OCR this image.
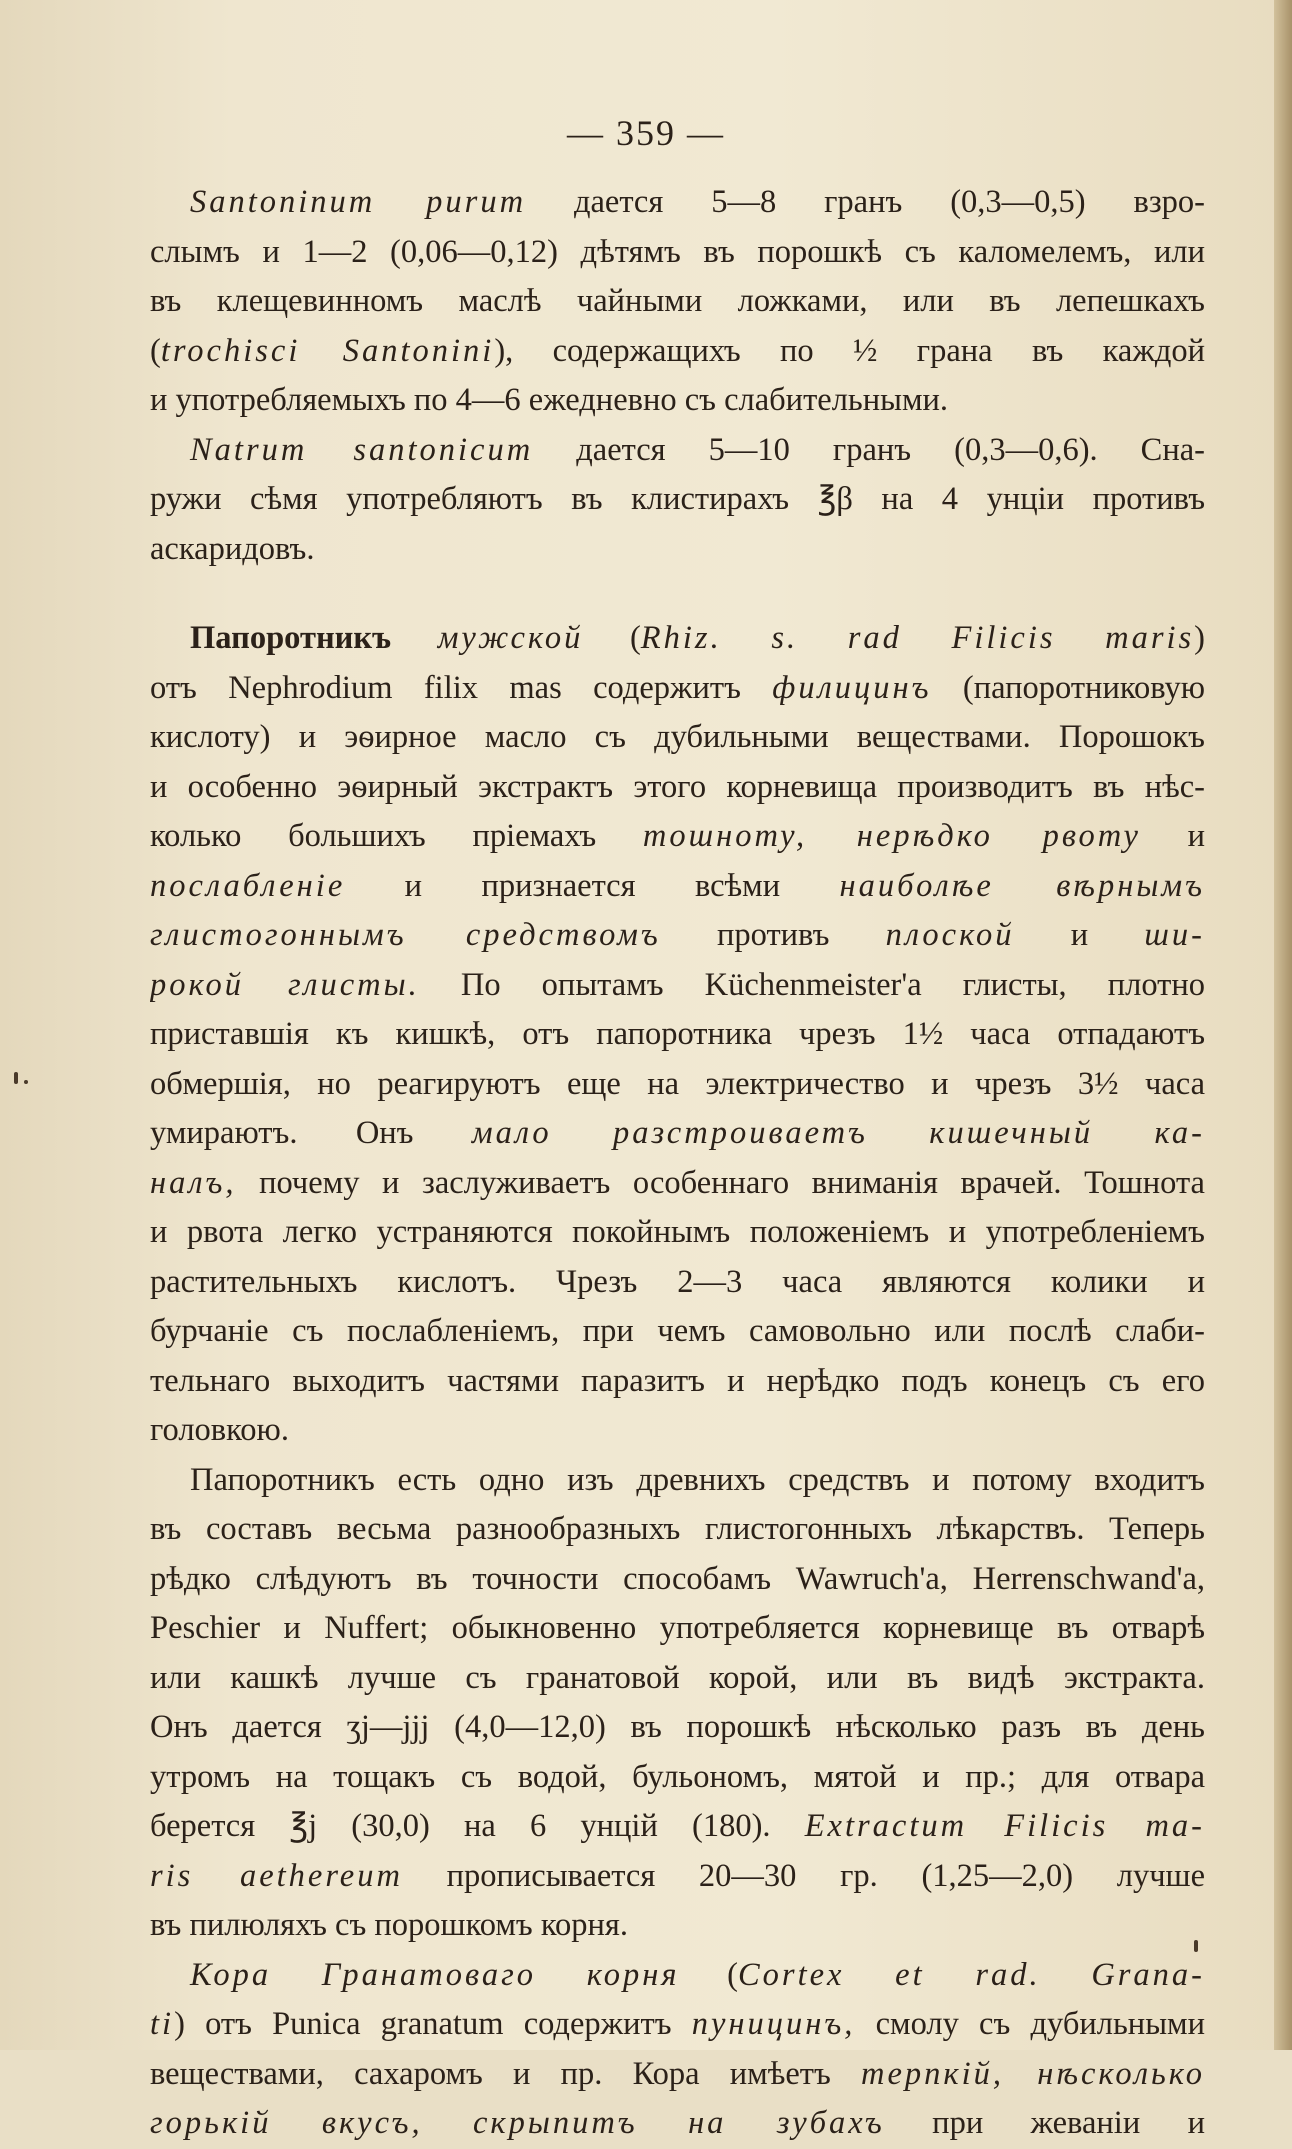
— 359 —
Santoninum purum дается 5—8 гранъ (0,3—0,5) взро-
слымъ и 1—2 (0,06—0,12) дѣтямъ въ порошкѣ съ каломелемъ, или
въ клещевинномъ маслѣ чайными ложками, или въ лепешкахъ
(trochisci Santonini), содержащихъ по ½ грана въ каждой
и употребляемыхъ по 4—6 ежедневно съ слабительными.
Natrum santonicum дается 5—10 гранъ (0,3—0,6). Сна-
ружи сѣмя употребляютъ въ клистирахъ ℥β на 4 унціи противъ
аскаридовъ.
Папоротникъ мужской (Rhiz. s. rad Filicis maris)
отъ Nephrodium filix mas содержитъ филицинъ (папоротниковую
кислоту) и эѳирное масло съ дубильными веществами. Порошокъ
и особенно эѳирный экстрактъ этого корневища производитъ въ нѣс-
колько большихъ пріемахъ тошноту, нерѣдко рвоту и
послабленіе и признается всѣми наиболѣе вѣрнымъ
глистогоннымъ средствомъ противъ плоской и ши-
рокой глисты. По опытамъ Küchenmeister'а глисты, плотно
приставшія къ кишкѣ, отъ папоротника чрезъ 1½ часа отпадаютъ
обмершія, но реагируютъ еще на электричество и чрезъ 3½ часа
умираютъ. Онъ мало разстроиваетъ кишечный ка-
налъ, почему и заслуживаетъ особеннаго вниманія врачей. Тошнота
и рвота легко устраняются покойнымъ положеніемъ и употребленіемъ
растительныхъ кислотъ. Чрезъ 2—3 часа являются колики и
бурчаніе съ послабленіемъ, при чемъ самовольно или послѣ слаби-
тельнаго выходитъ частями паразитъ и нерѣдко подъ конецъ съ его
головкою.
Папоротникъ есть одно изъ древнихъ средствъ и потому входитъ
въ составъ весьма разнообразныхъ глистогонныхъ лѣкарствъ. Теперь
рѣдко слѣдуютъ въ точности способамъ Wawruch'а, Herrenschwand'а,
Peschier и Nuffert; обыкновенно употребляется корневище въ отварѣ
или кашкѣ лучше съ гранатовой корой, или въ видѣ экстракта.
Онъ дается ʒj—jjj (4,0—12,0) въ порошкѣ нѣсколько разъ въ день
утромъ на тощакъ съ водой, бульономъ, мятой и пр.; для отвара
берется ℥j (30,0) на 6 унцій (180). Extractum Filicis ma-
ris aethereum прописывается 20—30 гр. (1,25—2,0) лучше
въ пилюляхъ съ порошкомъ корня.
Кора Гранатоваго корня (Cortex et rad. Granа-
ti) отъ Punica granatum содержитъ пуницинъ, смолу съ дубильными
веществами, сахаромъ и пр. Кора имѣетъ терпкій, нѣсколько
горькій вкусъ, скрыпитъ на зубахъ при жеваніи и
